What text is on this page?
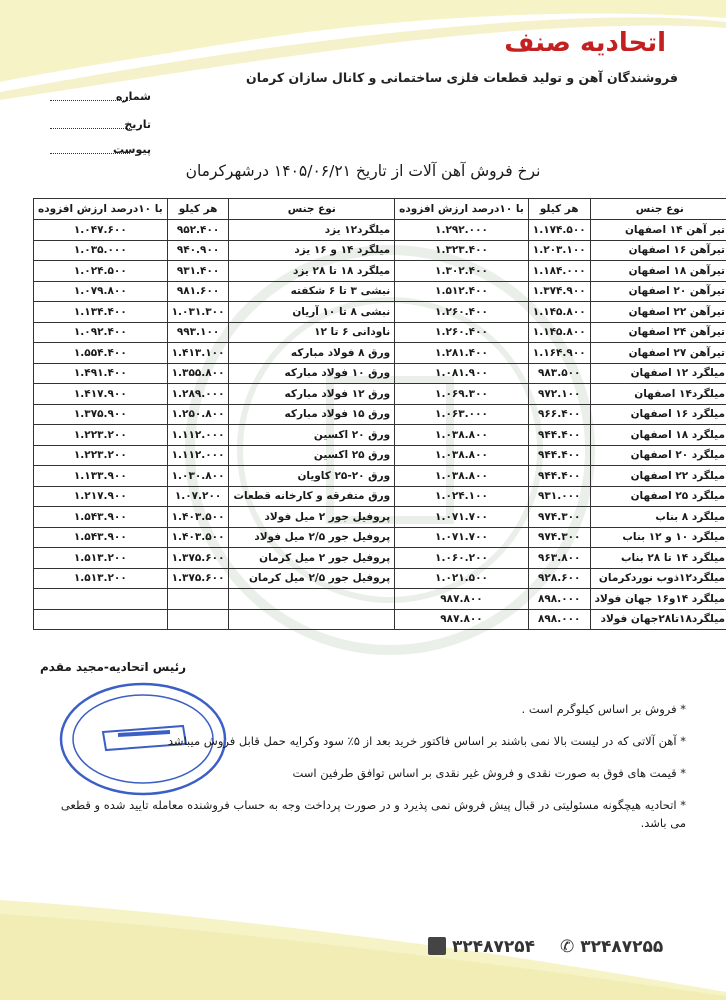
اتحادیه صنف
فروشندگان آهن و تولید قطعات فلزی ساختمانی و کانال سازان کرمان
شماره
تاریخ
پیوست
نرخ فروش آهن آلات از تاریخ ۱۴۰۵/۰۶/۲۱ درشهرکرمان
نوع جنس	هر کیلو	با ۱۰درصد ارزش افزوده	نوع جنس	هر کیلو	با ۱۰درصد ارزش افزوده
تیر آهن ۱۴ اصفهان	۱.۱۷۴.۵۰۰	۱.۲۹۲.۰۰۰	میلگرد۱۲ یزد	۹۵۲.۴۰۰	۱.۰۴۷.۶۰۰
تیرآهن ۱۶ اصفهان	۱.۲۰۳.۱۰۰	۱.۳۲۳.۴۰۰	میلگرد ۱۴ و ۱۶ یزد	۹۴۰.۹۰۰	۱.۰۳۵.۰۰۰
تیرآهن ۱۸ اصفهان	۱.۱۸۴.۰۰۰	۱.۳۰۲.۴۰۰	میلگرد ۱۸ تا ۲۸ یزد	۹۳۱.۴۰۰	۱.۰۲۴.۵۰۰
تیرآهن ۲۰ اصفهان	۱.۳۷۴.۹۰۰	۱.۵۱۲.۴۰۰	نبشی ۳ تا ۶ شکفته	۹۸۱.۶۰۰	۱.۰۷۹.۸۰۰
تیرآهن ۲۲ اصفهان	۱.۱۴۵.۸۰۰	۱.۲۶۰.۴۰۰	نبشی ۸ تا ۱۰ آریان	۱.۰۳۱.۳۰۰	۱.۱۳۴.۴۰۰
تیرآهن ۲۴ اصفهان	۱.۱۴۵.۸۰۰	۱.۲۶۰.۴۰۰	ناودانی ۶ تا ۱۲	۹۹۳.۱۰۰	۱.۰۹۲.۴۰۰
تیرآهن ۲۷ اصفهان	۱.۱۶۴.۹۰۰	۱.۲۸۱.۴۰۰	ورق ۸ فولاد مبارکه	۱.۴۱۳.۱۰۰	۱.۵۵۴.۴۰۰
میلگرد ۱۲ اصفهان	۹۸۳.۵۰۰	۱.۰۸۱.۹۰۰	ورق ۱۰ فولاد مبارکه	۱.۳۵۵.۸۰۰	۱.۴۹۱.۴۰۰
میلگرد۱۴ اصفهان	۹۷۲.۱۰۰	۱.۰۶۹.۳۰۰	ورق ۱۲ فولاد مبارکه	۱.۲۸۹.۰۰۰	۱.۴۱۷.۹۰۰
میلگرد ۱۶ اصفهان	۹۶۶.۴۰۰	۱.۰۶۳.۰۰۰	ورق ۱۵ فولاد مبارکه	۱.۲۵۰.۸۰۰	۱.۳۷۵.۹۰۰
میلگرد ۱۸ اصفهان	۹۴۴.۴۰۰	۱.۰۳۸.۸۰۰	ورق ۲۰ اکسین	۱.۱۱۲.۰۰۰	۱.۲۲۳.۲۰۰
میلگرد ۲۰ اصفهان	۹۴۴.۴۰۰	۱.۰۳۸.۸۰۰	ورق ۲۵ اکسین	۱.۱۱۲.۰۰۰	۱.۲۲۳.۲۰۰
میلگرد ۲۲ اصفهان	۹۴۴.۴۰۰	۱.۰۳۸.۸۰۰	ورق ۲۰-۲۵ کاویان	۱.۰۳۰.۸۰۰	۱.۱۳۳.۹۰۰
میلگرد ۲۵ اصفهان	۹۳۱.۰۰۰	۱.۰۲۴.۱۰۰	ورق متفرقه و کارخانه قطعات	۱.۰۷.۲۰۰	۱.۲۱۷.۹۰۰
میلگرد ۸ بناب	۹۷۴.۳۰۰	۱.۰۷۱.۷۰۰	پروفیل جور ۲ میل فولاد	۱.۴۰۳.۵۰۰	۱.۵۴۳.۹۰۰
میلگرد ۱۰ و ۱۲ بناب	۹۷۴.۳۰۰	۱.۰۷۱.۷۰۰	پروفیل جور ۲/۵ میل فولاد	۱.۴۰۳.۵۰۰	۱.۵۴۳.۹۰۰
میلگرد ۱۴ تا ۲۸ بناب	۹۶۳.۸۰۰	۱.۰۶۰.۲۰۰	پروفیل جور ۲ میل کرمان	۱.۳۷۵.۶۰۰	۱.۵۱۳.۲۰۰
میلگرد۱۲ذوب نوردکرمان	۹۲۸.۶۰۰	۱.۰۲۱.۵۰۰	پروفیل جور ۲/۵ میل کرمان	۱.۳۷۵.۶۰۰	۱.۵۱۳.۲۰۰
میلگرد ۱۴و۱۶ جهان فولاد	۸۹۸.۰۰۰	۹۸۷.۸۰۰			
میلگرد۱۸تا۲۸جهان فولاد	۸۹۸.۰۰۰	۹۸۷.۸۰۰			
رئیس اتحادیه-مجید مقدم
* فروش بر اساس کیلوگرم است .
* آهن آلاتی که در لیست بالا نمی باشند بر اساس فاکتور خرید بعد از ۵٪ سود وکرایه حمل قابل فروش میباشد
* قیمت های فوق به صورت نقدی و فروش غیر نقدی بر اساس توافق طرفین است
* اتحادیه هیچگونه مسئولیتی در قبال پیش فروش نمی پذیرد و در صورت پرداخت وجه به حساب فروشنده معامله تایید شده و قطعی می باشد.
۳۲۴۸۷۲۵۴ ✆ ۳۲۴۸۷۲۵۵
